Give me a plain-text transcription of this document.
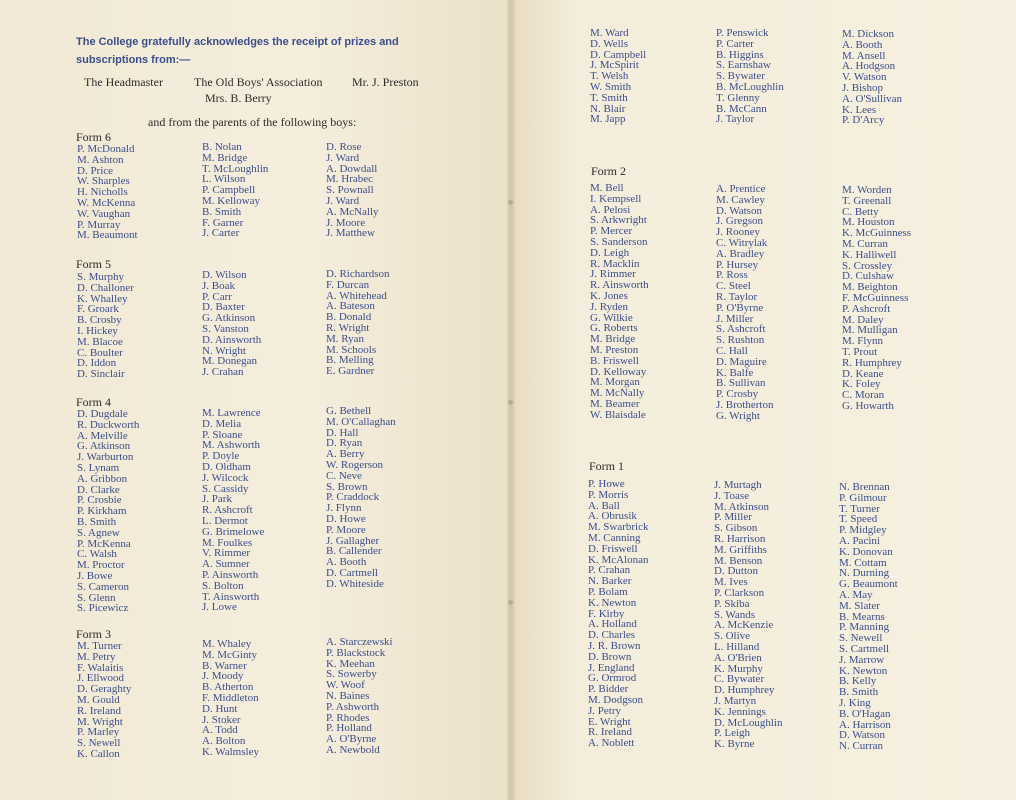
The College gratefully acknowledges the receipt of prizes and subscriptions from:—
The Headmaster	The Old Boys' Association Mr. J. Preston
Mrs. B. Berry
and from the parents of the following boys:
Form 6
P. McDonald
M. Ashton
D. Price
W. Sharples
H. Nicholls
W. McKenna
W. Vaughan
P. Murray
M. Beaumont
B. Nolan
M. Bridge
T. McLoughlin
L. Wilson
P. Campbell
M. Kelloway
B. Smith
F. Garner
J. Carter
D. Rose
J. Ward
A. Dowdall
M. Hrabec
S. Pownall
J. Ward
A. McNally
J. Moore
J. Matthew
Form 5
S. Murphy
D. Challoner
K. Whalley
F. Groark
B. Crosby
I. Hickey
M. Blacoe
C. Boulter
D. Iddon
D. Sinclair
D. Wilson
J. Boak
P. Carr
D. Baxter
G. Atkinson
S. Vanston
D. Ainsworth
N. Wright
M. Donegan
J. Crahan
D. Richardson
F. Durcan
A. Whitehead
A. Bateson
B. Donald
R. Wright
M. Ryan
M. Schools
B. Melling
E. Gardner
Form 4
D. Dugdale
R. Duckworth
A. Melville
G. Atkinson
J. Warburton
S. Lynam
A. Gribbon
D. Clarke
P. Crosbie
P. Kirkham
B. Smith
S. Agnew
P. McKenna
C. Walsh
M. Proctor
J. Bowe
S. Cameron
S. Glenn
S. Picewicz
M. Lawrence
D. Melia
P. Sloane
M. Ashworth
P. Doyle
D. Oldham
J. Wilcock
S. Cassidy
J. Park
R. Ashcroft
L. Dermot
G. Brimelowe
M. Foulkes
V. Rimmer
A. Sumner
P. Ainsworth
S. Bolton
T. Ainsworth
J. Lowe
G. Bethell
M. O'Callaghan
D. Hall
D. Ryan
A. Berry
W. Rogerson
C. Neve
S. Brown
P. Craddock
J. Flynn
D. Howe
P. Moore
J. Gallagher
B. Callender
A. Booth
D. Cartmell
D. Whiteside
Form 3
M. Turner
M. Petry
F. Walaitis
J. Ellwood
D. Geraghty
M. Gould
R. Ireland
M. Wright
P. Marley
S. Newell
K. Callon
M. Whaley
M. McGinty
B. Warner
J. Moody
B. Atherton
F. Middleton
D. Hunt
J. Stoker
A. Todd
A. Bolton
K. Walmsley
A. Starczewski
P. Blackstock
K. Meehan
S. Sowerby
W. Woof
N. Baines
P. Ashworth
P. Rhodes
P. Holland
A. O'Byrne
A. Newbold
M. Ward
D. Wells
D. Campbell
J. McSpirit
T. Welsh
W. Smith
T. Smith
N. Blair
M. Japp
P. Penswick
P. Carter
B. Higgins
S. Earnshaw
S. Bywater
B. McLoughlin
T. Glenny
B. McCann
J. Taylor
M. Dickson
A. Booth
M. Ansell
A. Hodgson
V. Watson
J. Bishop
A. O'Sullivan
K. Lees
P. D'Arcy
Form 2
M. Bell
I. Kempsell
A. Pelosi
S. Arkwright
P. Mercer
S. Sanderson
D. Leigh
R. Macklin
J. Rimmer
R. Ainsworth
K. Jones
J. Ryden
G. Wilkie
G. Roberts
M. Bridge
M. Preston
B. Friswell
D. Kelloway
M. Morgan
M. McNally
M. Beamer
W. Blaisdale
A. Prentice
M. Cawley
D. Watson
J. Gregson
J. Rooney
C. Witrylak
A. Bradley
P. Hursey
P. Ross
C. Steel
R. Taylor
P. O'Byrne
J. Miller
S. Ashcroft
S. Rushton
C. Hall
D. Maguire
K. Balfe
B. Sullivan
P. Crosby
J. Brotherton
G. Wright
M. Worden
T. Greenall
C. Betty
M. Houston
K. McGuinness
M. Curran
K. Halliwell
S. Crossley
D. Culshaw
M. Beighton
F. McGuinness
P. Ashcroft
M. Daley
M. Mulligan
M. Flynn
T. Prout
R. Humphrey
D. Keane
K. Foley
C. Moran
G. Howarth
Form 1
P. Howe
P. Morris
A. Ball
A. Obrusik
M. Swarbrick
M. Canning
D. Friswell
K. McAlonan
P. Crahan
N. Barker
P. Bolam
K. Newton
F. Kirby
A. Holland
D. Charles
J. R. Brown
D. Brown
J. England
G. Ormrod
P. Bidder
M. Dodgson
J. Petry
E. Wright
R. Ireland
A. Noblett
J. Murtagh
J. Toase
M. Atkinson
P. Miller
S. Gibson
R. Harrison
M. Griffiths
M. Benson
D. Dutton
M. Ives
P. Clarkson
P. Skiba
S. Wands
A. McKenzie
S. Olive
L. Hilland
A. O'Brien
K. Murphy
C. Bywater
D. Humphrey
J. Martyn
K. Jennings
D. McLoughlin
P. Leigh
K. Byrne
N. Brennan
P. Gilmour
T. Turner
T. Speed
P. Midgley
A. Pacini
K. Donovan
M. Cottam
N. Durning
G. Beaumont
A. May
M. Slater
B. Mearns
P. Manning
S. Newell
S. Cartmell
J. Marrow
K. Newton
B. Kelly
B. Smith
J. King
B. O'Hagan
A. Harrison
D. Watson
N. Curran
